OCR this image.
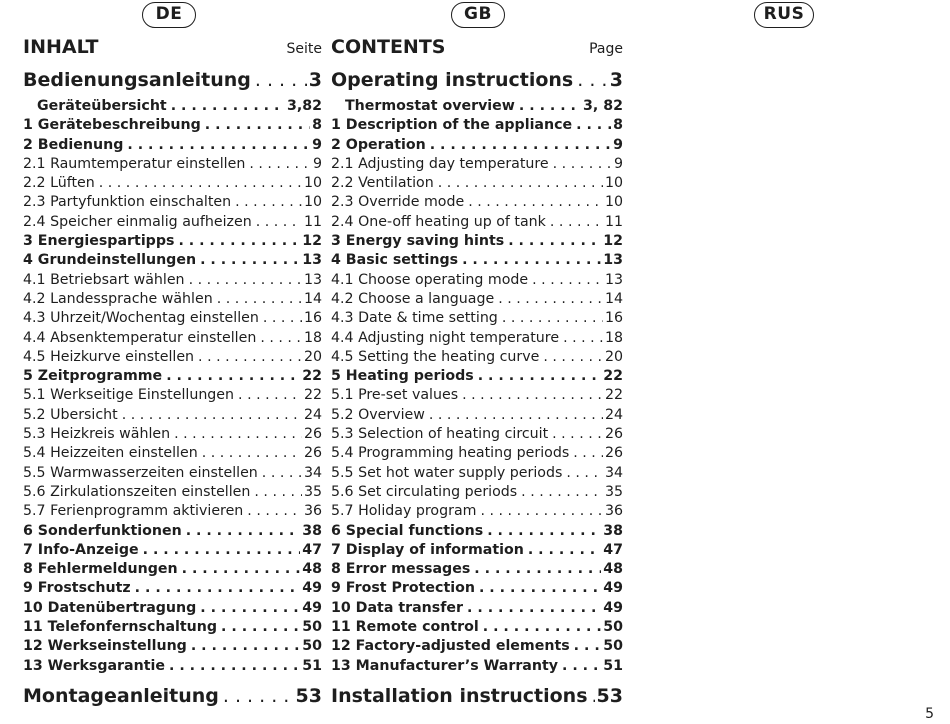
DE	GB	RUS
INHALT	Seite
Bedienungsanleitung . . .	3
Geräteübersicht . . .	3,82
1 Gerätebeschreibung . . .	8
2 Bedienung . . .	9
2.1 Raumtemperatur einstellen . . .	9
2.2 Lüften . . .	10
2.3 Partyfunktion einschalten . . .	10
2.4 Speicher einmalig aufheizen . . .	11
3 Energiespartipps . . .	12
4 Grundeinstellungen . . .	13
4.1 Betriebsart wählen . . .	13
4.2 Landessprache wählen . . .	14
4.3 Uhrzeit/Wochentag einstellen . . .	16
4.4 Absenktemperatur einstellen . . .	18
4.5 Heizkurve einstellen . . .	20
5 Zeitprogramme . . .	22
5.1 Werkseitige Einstellungen . . .	22
5.2 Übersicht . . .	24
5.3 Heizkreis wählen . . .	26
5.4 Heizzeiten einstellen . . .	26
5.5 Warmwasserzeiten einstellen . . .	34
5.6 Zirkulationszeiten einstellen . . .	35
5.7 Ferienprogramm aktivieren . . .	36
6 Sonderfunktionen . . .	38
7 Info-Anzeige . . .	47
8 Fehlermeldungen . . .	48
9 Frostschutz . . .	49
10 Datenübertragung . . .	49
11 Telefonfernschaltung . . .	50
12 Werkseinstellung . . .	50
13 Werksgarantie . . .	51
Montageanleitung . . .	53
CONTENTS	Page
Operating instructions . . . 3
Thermostat overview . . .	3, 82
1 Description of the appliance . . .	8
2 Operation . . .	9
2.1 Adjusting day temperature . . .	9
2.2 Ventilation . . .	10
2.3 Override mode . . .	10
2.4 One-off heating up of tank . . .	11
3 Energy saving hints . . .	12
4 Basic settings . . .	13
4.1 Choose operating mode . . .	13
4.2 Choose a language . . .	14
4.3 Date & time setting . . .	16
4.4 Adjusting night temperature . . .	18
4.5 Setting the heating curve . . .	20
5 Heating periods . . .	22
5.1 Pre-set values . . .	22
5.2 Overview . . .	24
5.3 Selection of heating circuit . . .	26
5.4 Programming heating periods . . .	26
5.5 Set hot water supply periods . . .	34
5.6 Set circulating periods . . .	35
5.7 Holiday program . . .	36
6 Special functions . . .	38
7 Display of information . . .	47
8 Error messages . . .	48
9 Frost Protection . . .	49
10 Data transfer . . .	49
11 Remote control . . .	50
12 Factory-adjusted elements . . . 50
13 Manufacturer’s Warranty . . .	51
Installation instructions . . . 53
5
